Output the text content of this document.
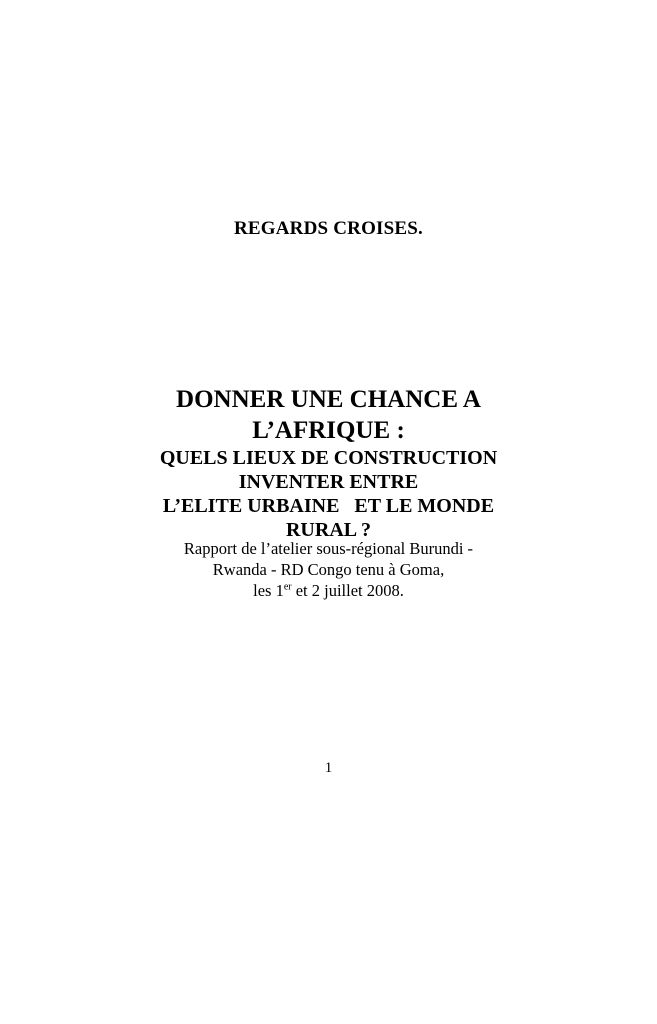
REGARDS CROISES.
DONNER UNE CHANCE A
L’AFRIQUE :
QUELS LIEUX DE CONSTRUCTION
INVENTER ENTRE
L’ELITE URBAINE   ET LE MONDE
RURAL ?

Rapport de l’atelier sous-régional Burundi -

Rwanda - RD Congo tenu à Goma,

les 1er et 2 juillet 2008.

1
